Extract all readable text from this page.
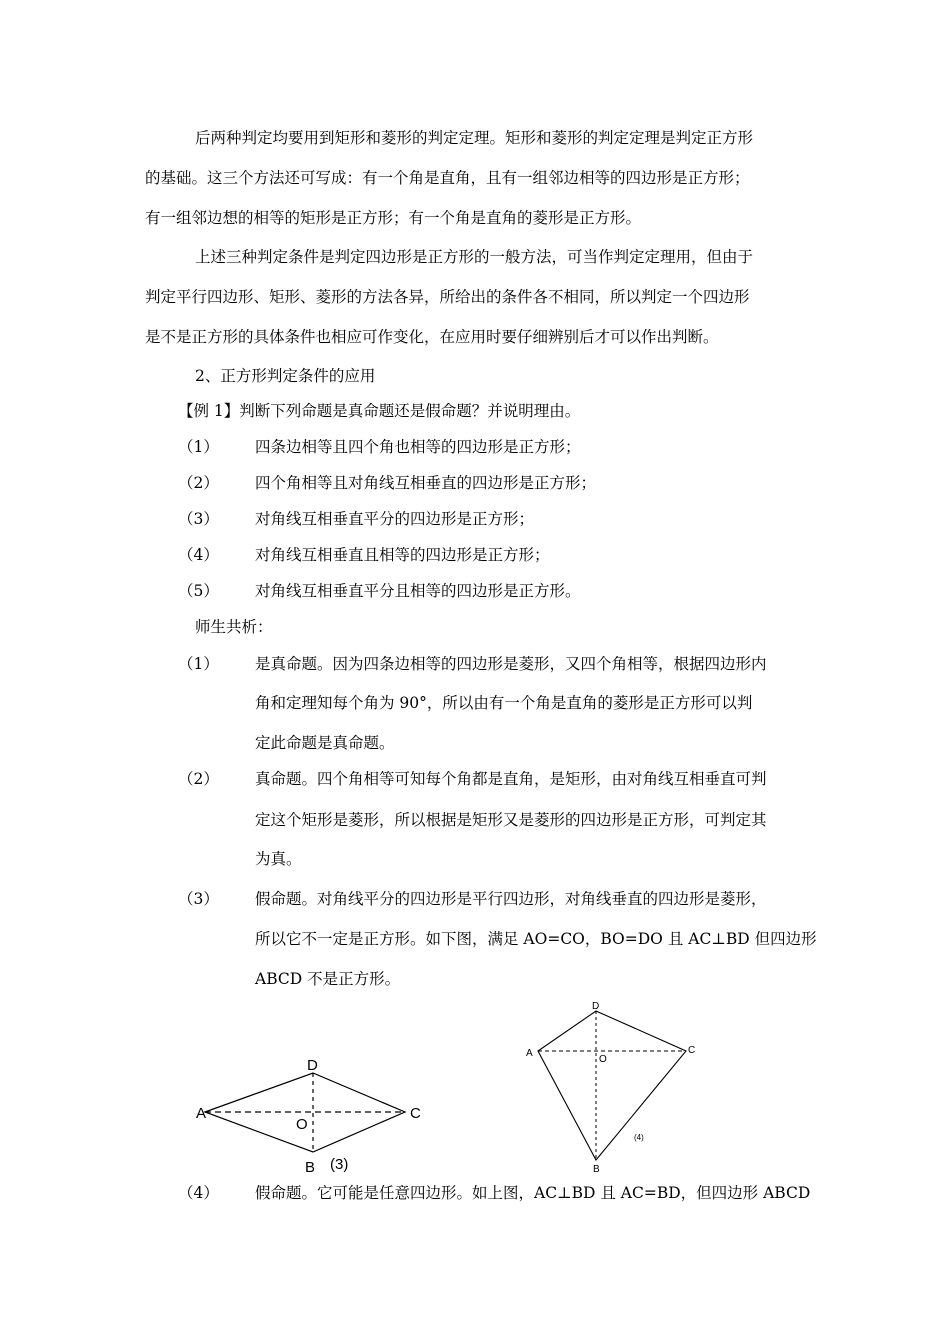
后两种判定均要用到矩形和菱形的判定定理。矩形和菱形的判定定理是判定正方形
的基础。这三个方法还可写成：有一个角是直角，且有一组邻边相等的四边形是正方形；
有一组邻边想的相等的矩形是正方形；有一个角是直角的菱形是正方形。
上述三种判定条件是判定四边形是正方形的一般方法，可当作判定定理用，但由于
判定平行四边形、矩形、菱形的方法各异，所给出的条件各不相同，所以判定一个四边形
是不是正方形的具体条件也相应可作变化，在应用时要仔细辨别后才可以作出判断。
2、正方形判定条件的应用
【例 1】判断下列命题是真命题还是假命题？并说明理由。
（1） 四条边相等且四个角也相等的四边形是正方形；
（2） 四个角相等且对角线互相垂直的四边形是正方形；
（3） 对角线互相垂直平分的四边形是正方形；
（4） 对角线互相垂直且相等的四边形是正方形；
（5） 对角线互相垂直平分且相等的四边形是正方形。
师生共析：
（1） 是真命题。因为四条边相等的四边形是菱形，又四个角相等，根据四边形内
角和定理知每个角为 90°，所以由有一个角是直角的菱形是正方形可以判
定此命题是真命题。
（2） 真命题。四个角相等可知每个角都是直角，是矩形，由对角线互相垂直可判
定这个矩形是菱形，所以根据是矩形又是菱形的四边形是正方形，可判定其
为真。
（3） 假命题。对角线平分的四边形是平行四边形，对角线垂直的四边形是菱形，
所以它不一定是正方形。如下图，满足 AO=CO，BO=DO 且 AC⊥BD 但四边形
ABCD 不是正方形。
A	C
D
B
O
(3)
A	C
D
B
O
(4)
（4） 假命题。它可能是任意四边形。如上图，AC⊥BD 且 AC=BD，但四边形 ABCD
